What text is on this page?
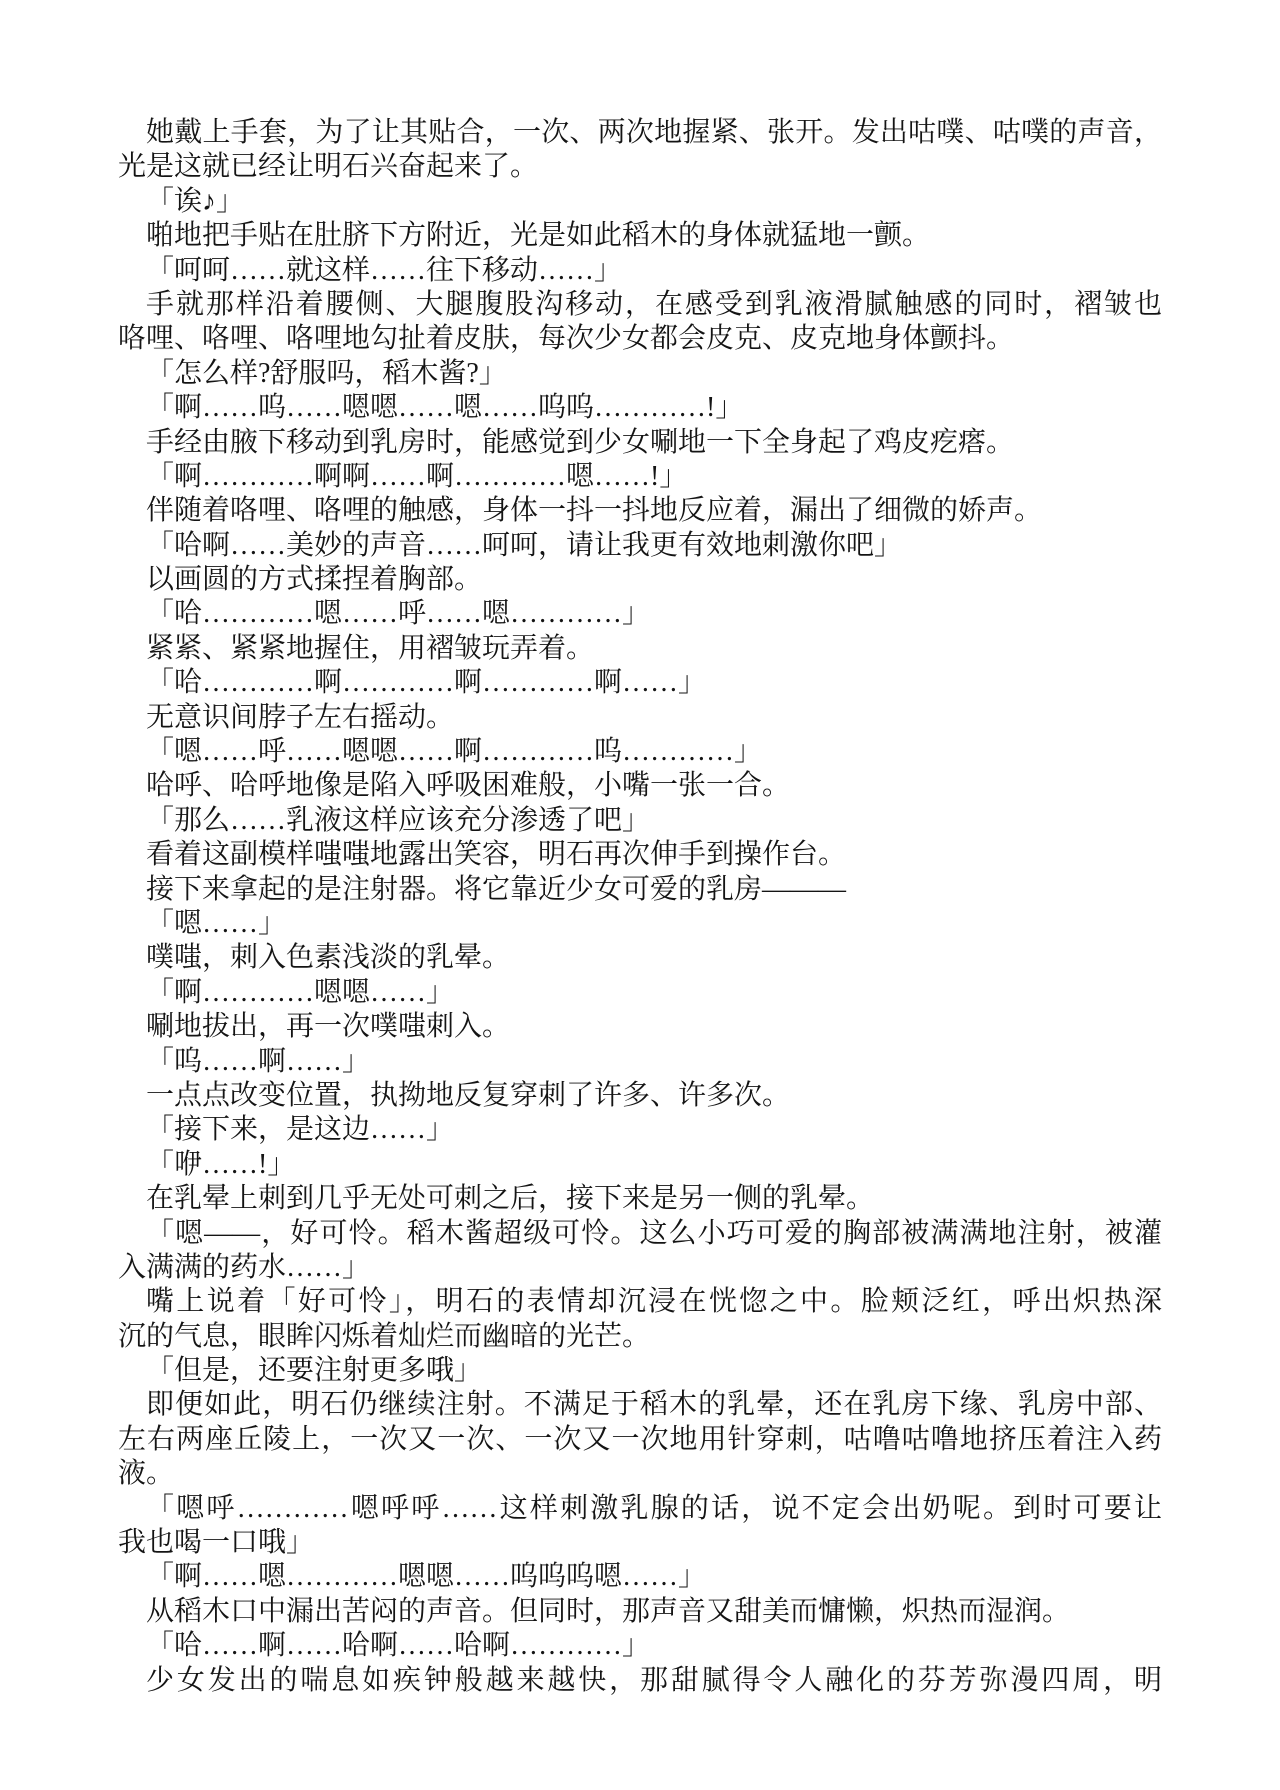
她戴上手套，为了让其贴合，一次、两次地握紧、张开。发出咕噗、咕噗的声音，
光是这就已经让明石兴奋起来了。
「诶♪」
啪地把手贴在肚脐下方附近，光是如此稻木的身体就猛地一颤。
「呵呵……就这样……往下移动……」
手就那样沿着腰侧、大腿腹股沟移动，在感受到乳液滑腻触感的同时，褶皱也
咯哩、咯哩、咯哩地勾扯着皮肤，每次少女都会皮克、皮克地身体颤抖。
「怎么样?舒服吗，稻木酱?」
「啊……呜……嗯嗯……嗯……呜呜…………!」
手经由腋下移动到乳房时，能感觉到少女唰地一下全身起了鸡皮疙瘩。
「啊…………啊啊……啊…………嗯……!」
伴随着咯哩、咯哩的触感，身体一抖一抖地反应着，漏出了细微的娇声。
「哈啊……美妙的声音……呵呵，请让我更有效地刺激你吧」
以画圆的方式揉捏着胸部。
「哈…………嗯……呼……嗯…………」
紧紧、紧紧地握住，用褶皱玩弄着。
「哈…………啊…………啊…………啊……」
无意识间脖子左右摇动。
「嗯……呼……嗯嗯……啊…………呜…………」
哈呼、哈呼地像是陷入呼吸困难般，小嘴一张一合。
「那么……乳液这样应该充分渗透了吧」
看着这副模样嗤嗤地露出笑容，明石再次伸手到操作台。
接下来拿起的是注射器。将它靠近少女可爱的乳房———
「嗯……」
噗嗤，刺入色素浅淡的乳晕。
「啊…………嗯嗯……」
唰地拔出，再一次噗嗤刺入。
「呜……啊……」
一点点改变位置，执拗地反复穿刺了许多、许多次。
「接下来，是这边……」
「咿……!」
在乳晕上刺到几乎无处可刺之后，接下来是另一侧的乳晕。
「嗯——，好可怜。稻木酱超级可怜。这么小巧可爱的胸部被满满地注射，被灌
入满满的药水……」
嘴上说着「好可怜」，明石的表情却沉浸在恍惚之中。脸颊泛红，呼出炽热深
沉的气息，眼眸闪烁着灿烂而幽暗的光芒。
「但是，还要注射更多哦」
即便如此，明石仍继续注射。不满足于稻木的乳晕，还在乳房下缘、乳房中部、
左右两座丘陵上，一次又一次、一次又一次地用针穿刺，咕噜咕噜地挤压着注入药
液。
「嗯呼…………嗯呼呼……这样刺激乳腺的话，说不定会出奶呢。到时可要让
我也喝一口哦」
「啊……嗯…………嗯嗯……呜呜呜嗯……」
从稻木口中漏出苦闷的声音。但同时，那声音又甜美而慵懒，炽热而湿润。
「哈……啊……哈啊……哈啊…………」
少女发出的喘息如疾钟般越来越快，那甜腻得令人融化的芬芳弥漫四周，明
